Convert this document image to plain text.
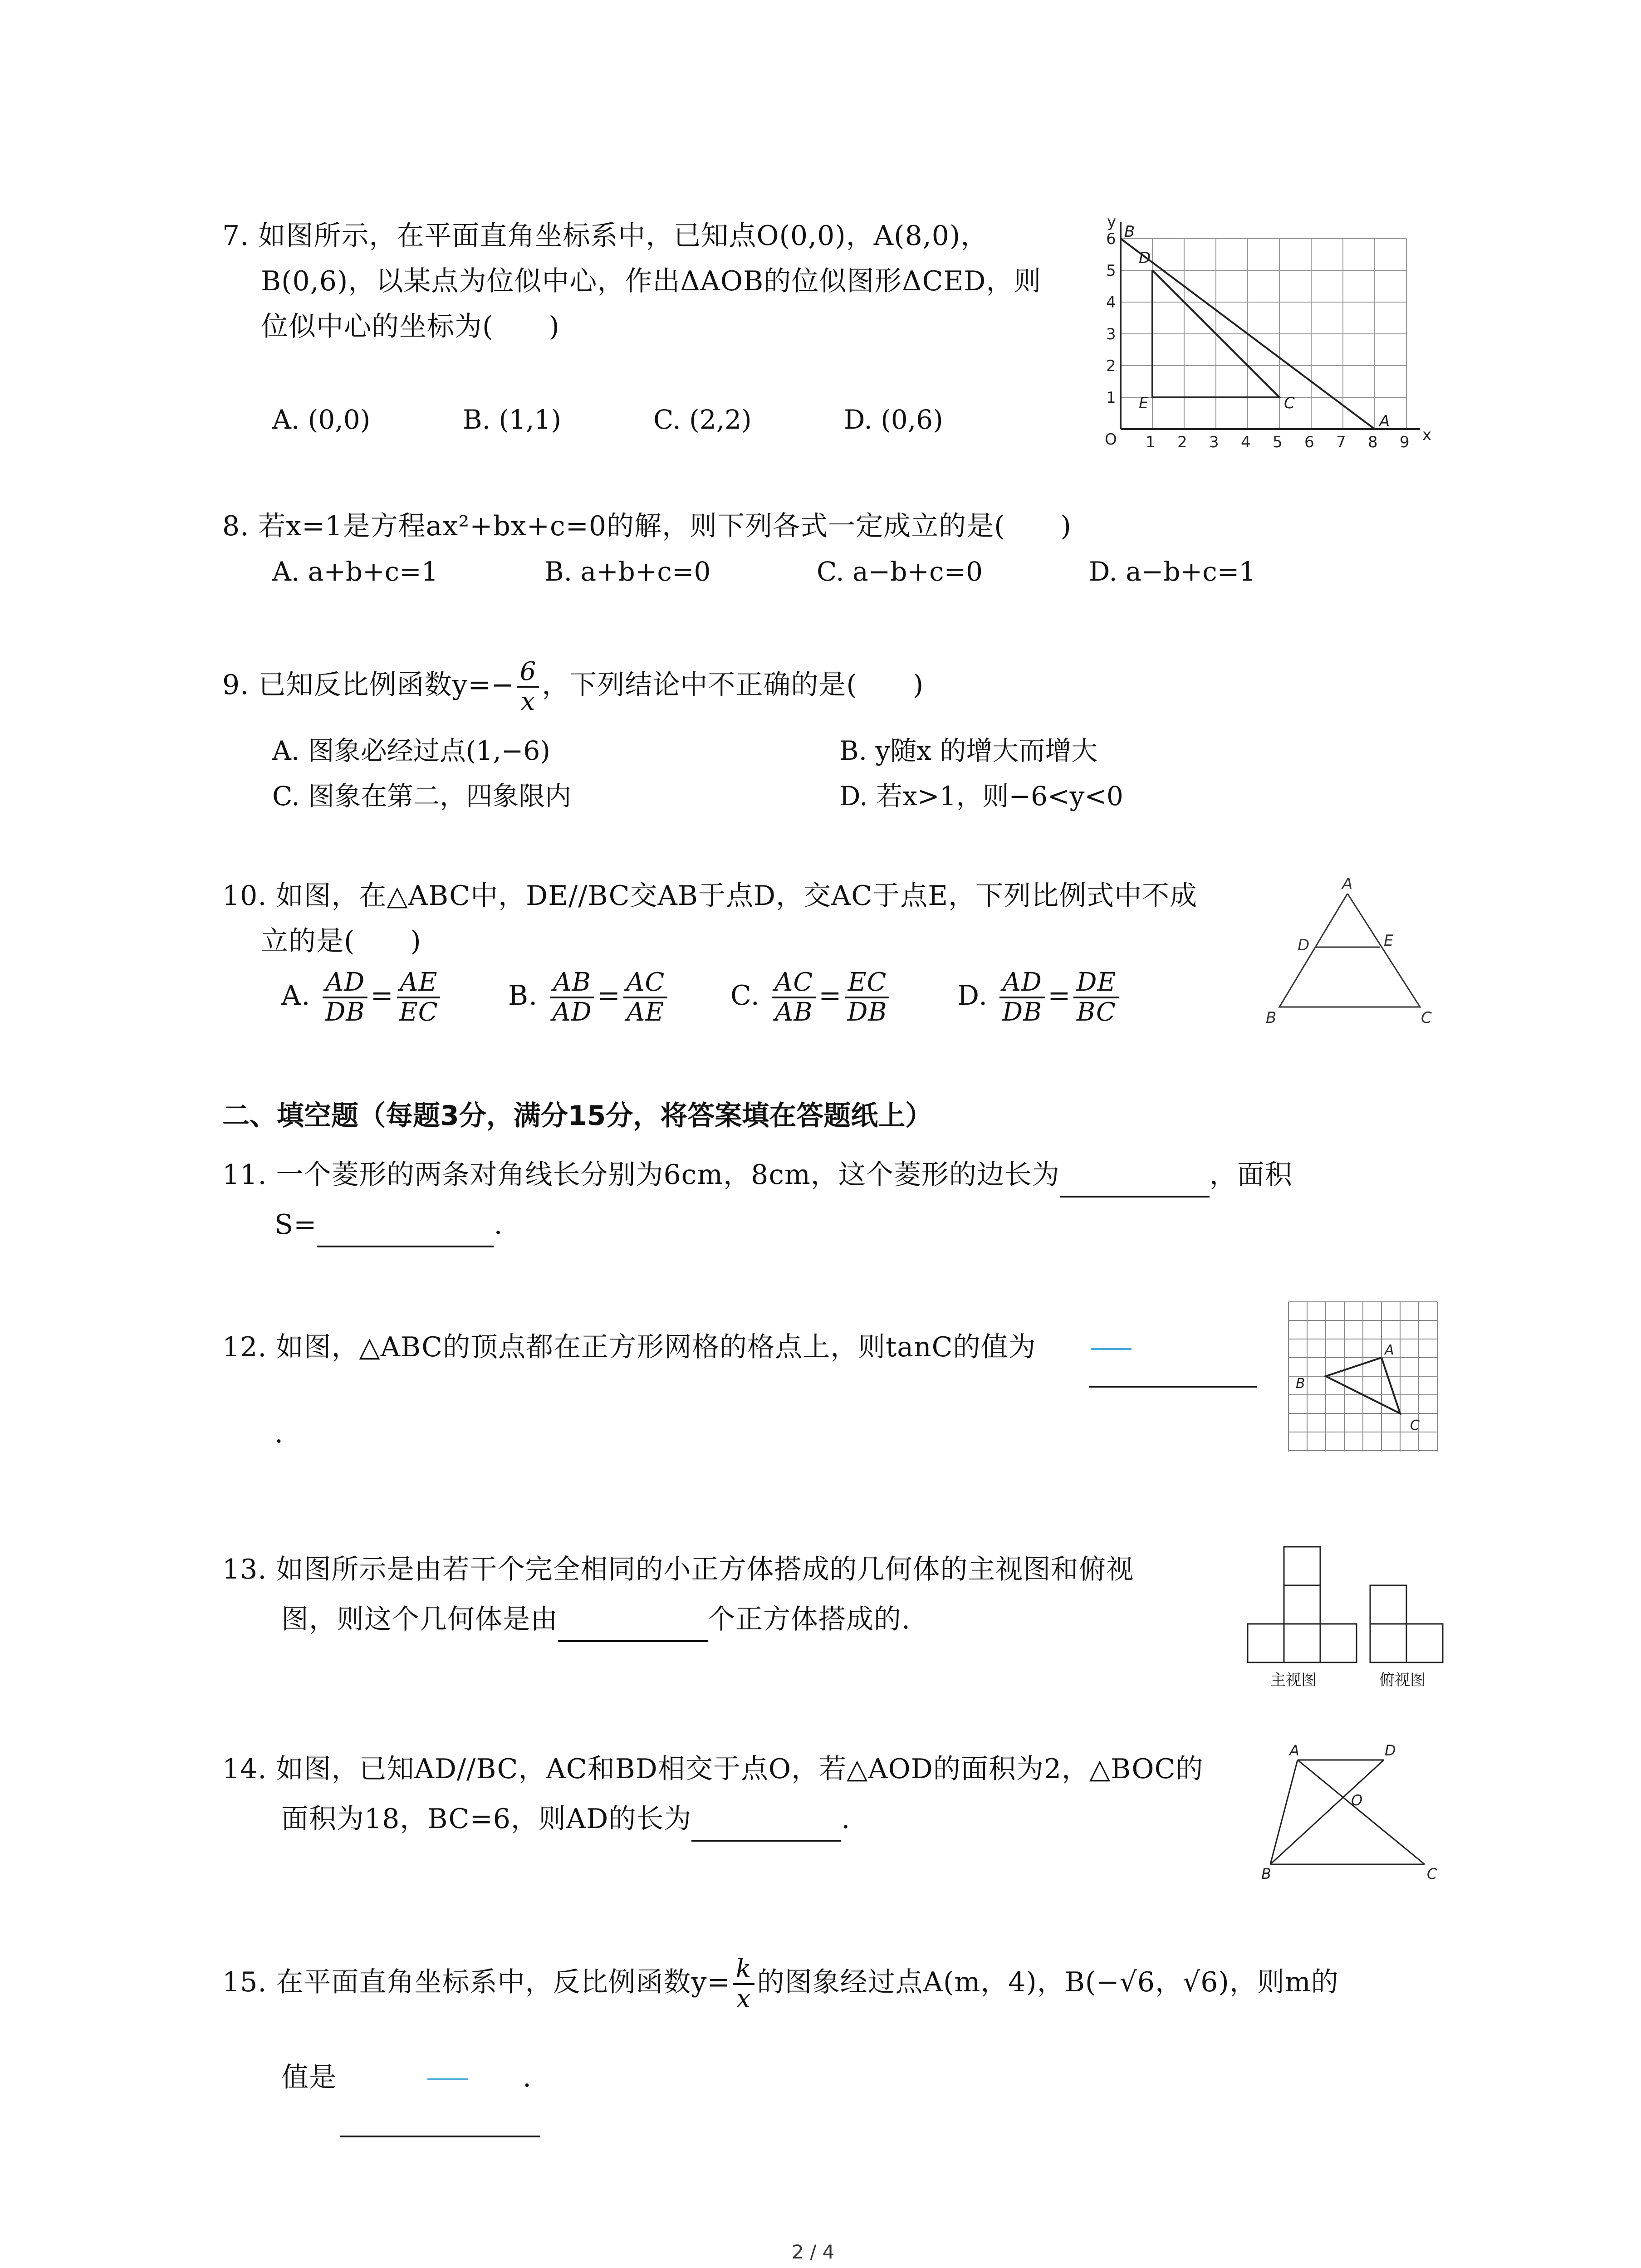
7. 如图所示，在平面直角坐标系中，已知点O(0,0)，A(8,0)，
B(0,6)，以某点为位似中心，作出ΔAOB的位似图形ΔCED，则
位似中心的坐标为(　　)
A. (0,0)	B. (1,1)	C. (2,2)	D. (0,6)
y
x
O 1 2 3 4 5 6 7 8 9
1
2
3
4
5
6 B
D
E	C
A
8. 若x=1是方程ax²+bx+c=0的解，则下列各式一定成立的是(　　)
A. a+b+c=1	B. a+b+c=0	C. a−b+c=0	D. a−b+c=1
9. 已知反比例函数$y=- \frac{6}{x}$ ，下列结论中不正确的是(　　)
A. 图象必经过点(1,−6)	B. y随x 的增大而增大
C. 图象在第二，四象限内	D. 若x>1，则−6<y<0
10. 如图，在△ABC中，DE//BC交AB于点D，交AC于点E，下列比例式中不成
立的是(　　)
A. $\frac{AD}{DB} = \frac{AE}{EC} B$. $\frac{AB}{AD} = \frac{AC}{AE} C$. $\frac{AC}{AB} = \frac{EC}{DB} D$. $\frac{AD}{DB} = \frac{DE}{BC}$
A
D	E
B	C
二、填空题（每题3分，满分15分，将答案填在答题纸上）
11. 一个菱形的两条对角线长分别为6cm，8cm，这个菱形的边长为	，面积
S=	.
12. 如图，△ABC的顶点都在正方形网格的格点上，则tanC的值为
.
A
B
C
13. 如图所示是由若干个完全相同的小正方体搭成的几何体的主视图和俯视
图，则这个几何体是由	个正方体搭成的.
主视图	俯视图
14. 如图，已知AD//BC，AC和BD相交于点O，若△AOD的面积为2，△BOC的
面积为18，BC=6，则AD的长为	.
A	D
O
B	C
15. 在平面直角坐标系中，反比例函数$y= \frac{k}{x}$ 的图象经过点A(m，4)，B(−√6，√6)，则m的
值是	.
2 / 4
